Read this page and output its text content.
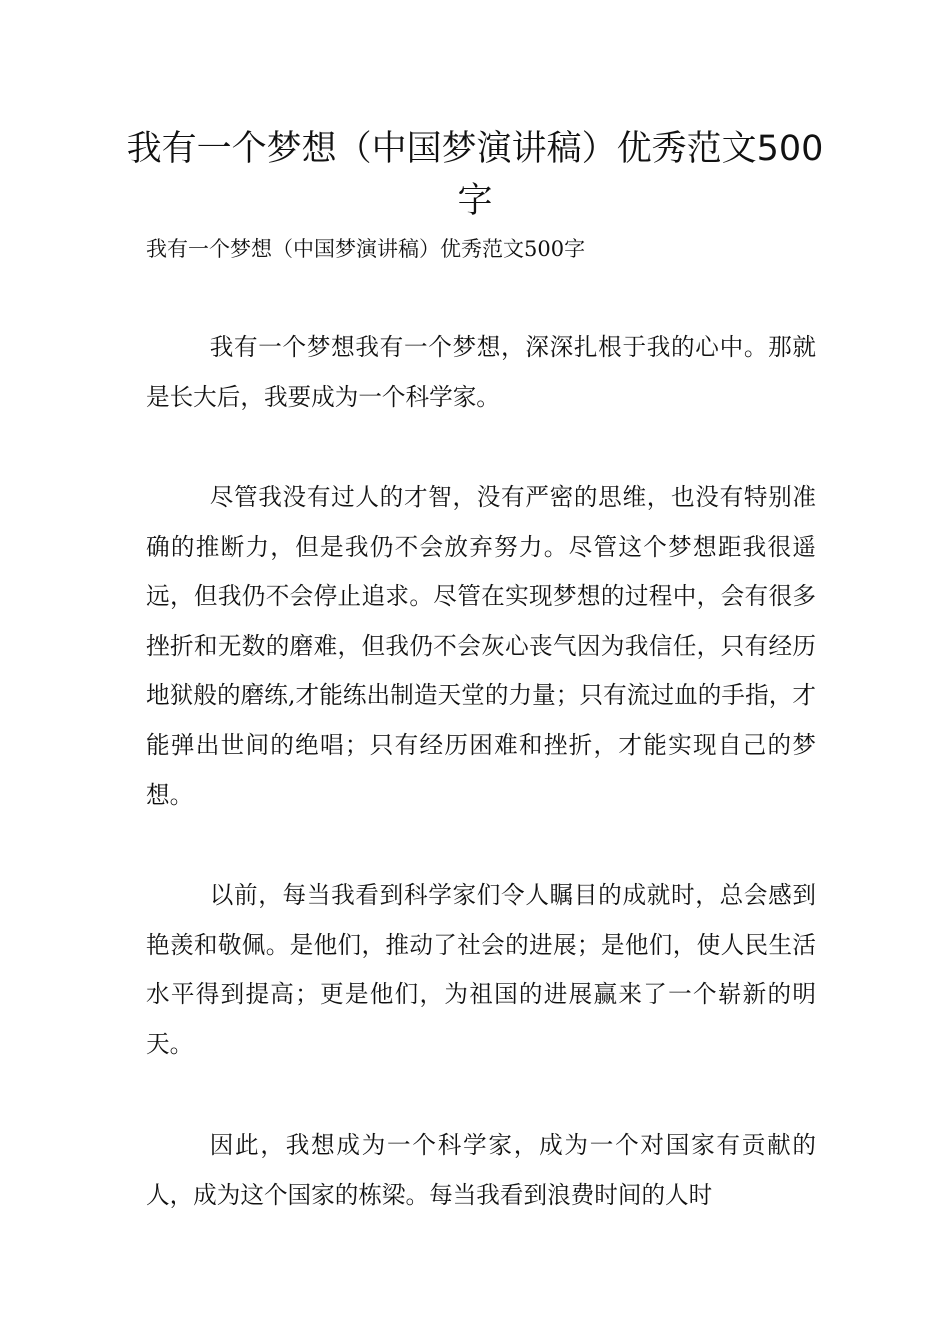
我有一个梦想（中国梦演讲稿）优秀范文500字

我有一个梦想（中国梦演讲稿）优秀范文500字

我有一个梦想我有一个梦想，深深扎根于我的心中。那就是长大后，我要成为一个科学家。

尽管我没有过人的才智，没有严密的思维，也没有特别准确的推断力，但是我仍不会放弃努力。尽管这个梦想距我很遥远，但我仍不会停止追求。尽管在实现梦想的过程中，会有很多挫折和无数的磨难，但我仍不会灰心丧气因为我信任，只有经历地狱般的磨练,才能练出制造天堂的力量；只有流过血的手指，才能弹出世间的绝唱；只有经历困难和挫折，才能实现自己的梦想。

以前，每当我看到科学家们令人瞩目的成就时，总会感到艳羡和敬佩。是他们，推动了社会的进展；是他们，使人民生活水平得到提高；更是他们，为祖国的进展赢来了一个崭新的明天。

因此，我想成为一个科学家，成为一个对国家有贡献的人，成为这个国家的栋梁。每当我看到浪费时间的人时
